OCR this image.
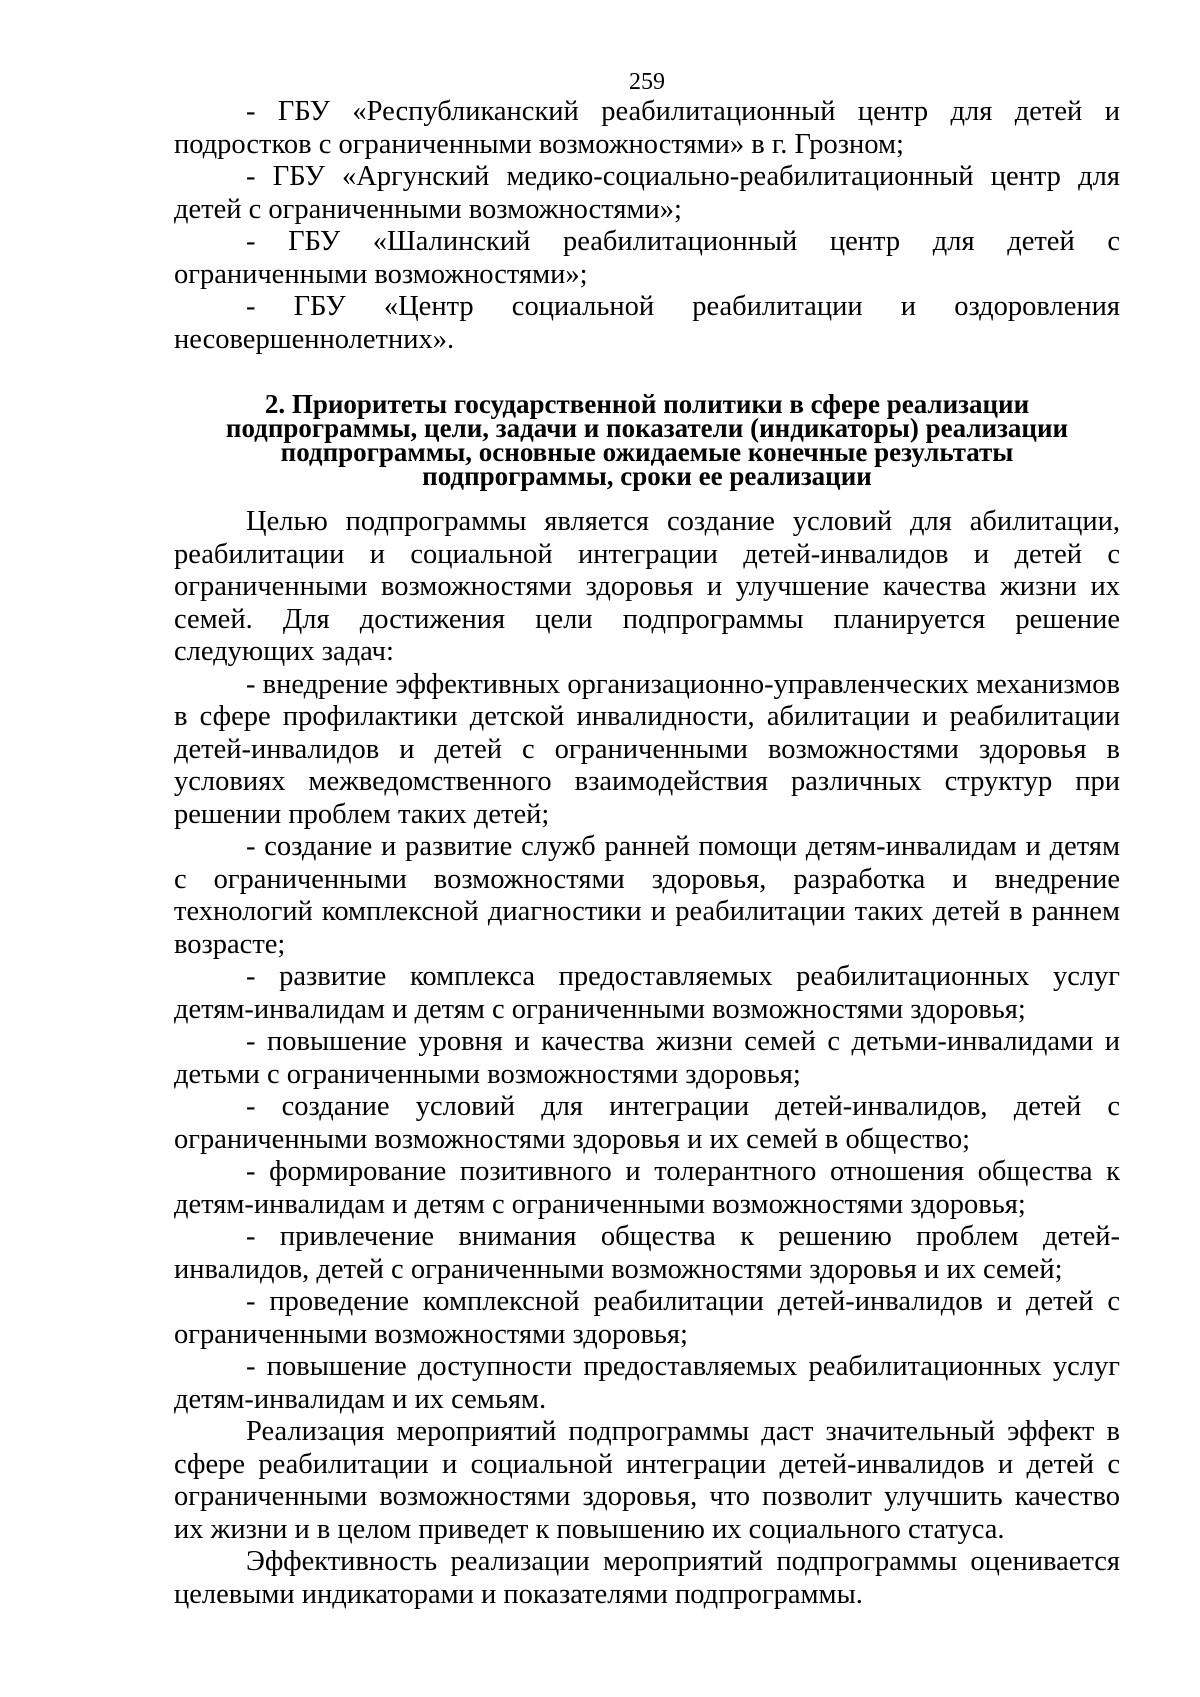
259

- ГБУ «Республиканский реабилитационный центр для детей и подростков с ограниченными возможностями» в г. Грозном;

- ГБУ «Аргунский медико-социально-реабилитационный центр для детей с ограниченными возможностями»;

- ГБУ «Шалинский реабилитационный центр для детей с ограниченными возможностями»;

- ГБУ «Центр социальной реабилитации и оздоровления несовершеннолетних».

2. Приоритеты государственной политики в сфере реализации
подпрограммы, цели, задачи и показатели (индикаторы) реализации
подпрограммы, основные ожидаемые конечные результаты
подпрограммы, сроки ее реализации

Целью подпрограммы является создание условий для абилитации, реабилитации и социальной интеграции детей-инвалидов и детей с ограниченными возможностями здоровья и улучшение качества жизни их семей. Для достижения цели подпрограммы планируется решение следующих задач:

- внедрение эффективных организационно-управленческих механизмов в сфере профилактики детской инвалидности, абилитации и реабилитации детей-инвалидов и детей с ограниченными возможностями здоровья в условиях межведомственного взаимодействия различных структур при решении проблем таких детей;

- создание и развитие служб ранней помощи детям-инвалидам и детям с ограниченными возможностями здоровья, разработка и внедрение технологий комплексной диагностики и реабилитации таких детей в раннем возрасте;

- развитие комплекса предоставляемых реабилитационных услуг детям-инвалидам и детям с ограниченными возможностями здоровья;

- повышение уровня и качества жизни семей с детьми-инвалидами и детьми с ограниченными возможностями здоровья;

- создание условий для интеграции детей-инвалидов, детей с ограниченными возможностями здоровья и их семей в общество;

- формирование позитивного и толерантного отношения общества к детям-инвалидам и детям с ограниченными возможностями здоровья;

- привлечение внимания общества к решению проблем детей-инвалидов, детей с ограниченными возможностями здоровья и их семей;

- проведение комплексной реабилитации детей-инвалидов и детей с ограниченными возможностями здоровья;

- повышение доступности предоставляемых реабилитационных услуг детям-инвалидам и их семьям.

Реализация мероприятий подпрограммы даст значительный эффект в сфере реабилитации и социальной интеграции детей-инвалидов и детей с ограниченными возможностями здоровья, что позволит улучшить качество их жизни и в целом приведет к повышению их социального статуса.

Эффективность реализации мероприятий подпрограммы оценивается целевыми индикаторами и показателями подпрограммы.
